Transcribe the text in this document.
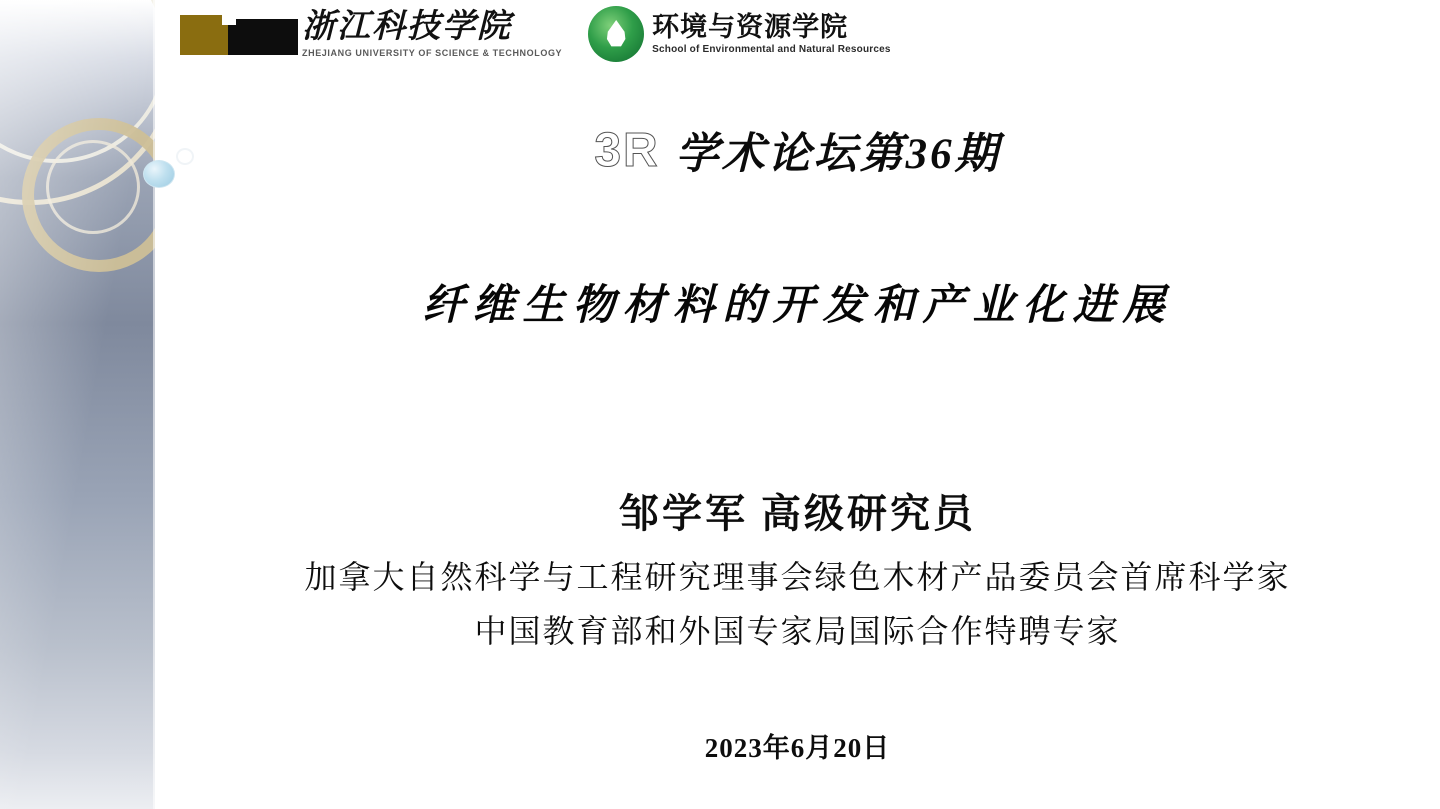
浙江科技学院
ZHEJIANG UNIVERSITY OF SCIENCE & TECHNOLOGY
环境与资源学院
School of Environmental and Natural Resources
3R 学术论坛第36期
纤维生物材料的开发和产业化进展
邹学军 高级研究员
加拿大自然科学与工程研究理事会绿色木材产品委员会首席科学家
中国教育部和外国专家局国际合作特聘专家
2023年6月20日
